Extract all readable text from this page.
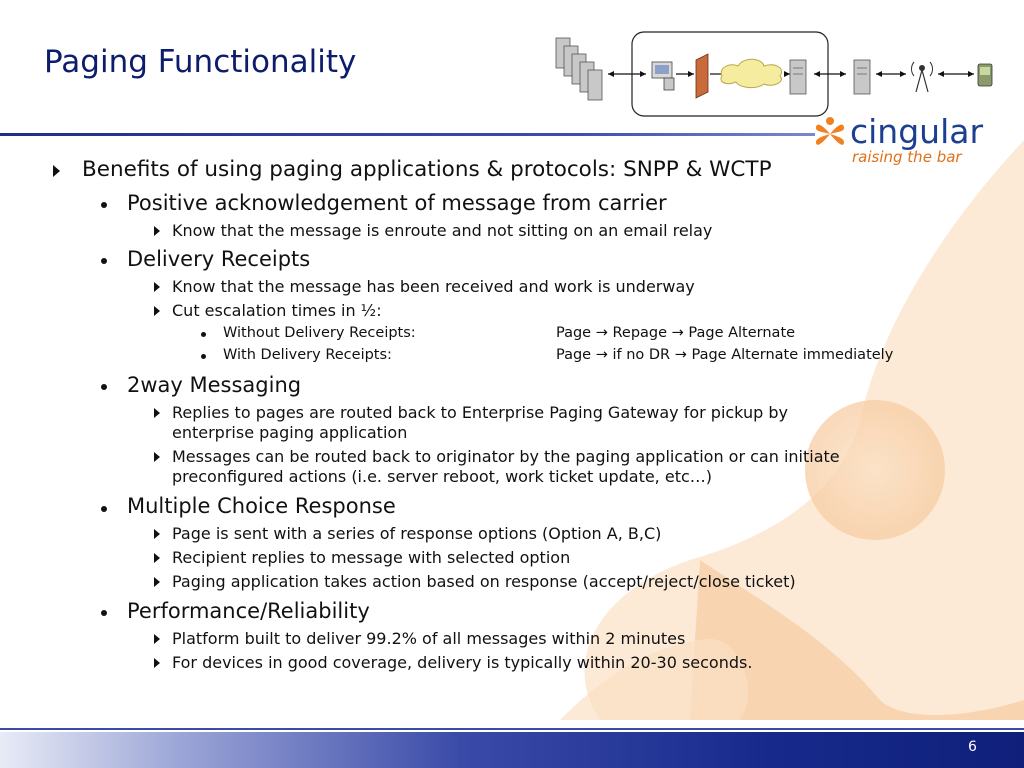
Paging Functionality
cingular
raising the bar
Benefits of using paging applications & protocols: SNPP & WCTP
Positive acknowledgement of message from carrier
Know that the message is enroute and not sitting on an email relay
Delivery Receipts
Know that the message has been received and work is underway
Cut escalation times in ½:
Without Delivery Receipts:	Page → Repage → Page Alternate
With Delivery Receipts:	Page → if no DR → Page Alternate immediately
2way Messaging
Replies to pages are routed back to Enterprise Paging Gateway for pickup by
enterprise paging application
Messages can be routed back to originator by the paging application or can initiate
preconfigured actions (i.e. server reboot, work ticket update, etc…)
Multiple Choice Response
Page is sent with a series of response options (Option A, B,C)
Recipient replies to message with selected option
Paging application takes action based on response (accept/reject/close ticket)
Performance/Reliability
Platform built to deliver 99.2% of all messages within 2 minutes
For devices in good coverage, delivery is typically within 20-30 seconds.
6
